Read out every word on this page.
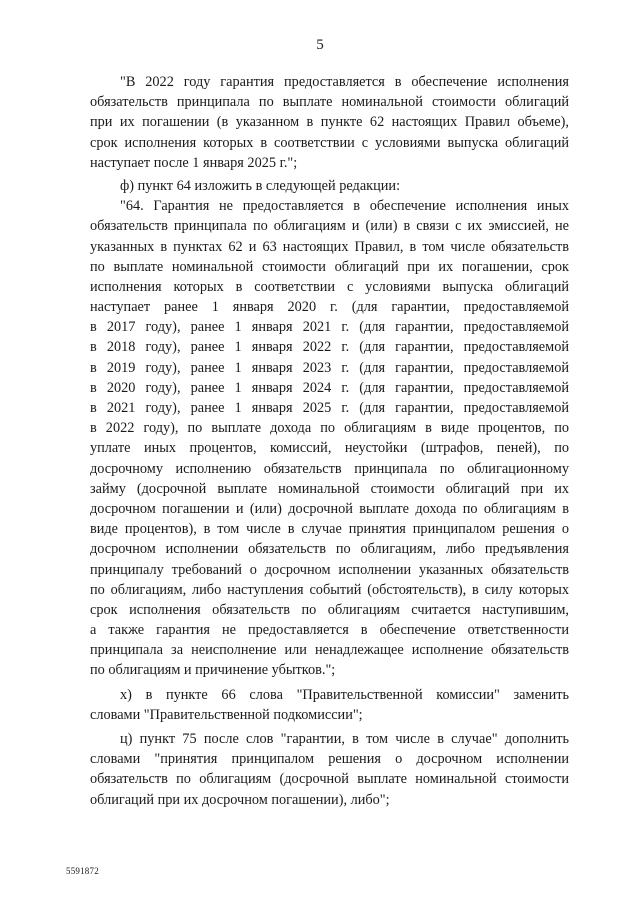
5
"В 2022 году гарантия предоставляется в обеспечение исполнения
обязательств принципала по выплате номинальной стоимости облигаций
при их погашении (в указанном в пункте 62 настоящих Правил объеме),
срок исполнения которых в соответствии с условиями выпуска облигаций
наступает после 1 января 2025 г.";
ф) пункт 64 изложить в следующей редакции:
"64. Гарантия не предоставляется в обеспечение исполнения иных
обязательств принципала по облигациям и (или) в связи с их эмиссией, не
указанных в пунктах 62 и 63 настоящих Правил, в том числе обязательств
по выплате номинальной стоимости облигаций при их погашении, срок
исполнения которых в соответствии с условиями выпуска облигаций
наступает ранее 1 января 2020 г. (для гарантии, предоставляемой
в 2017 году), ранее 1 января 2021 г. (для гарантии, предоставляемой
в 2018 году), ранее 1 января 2022 г. (для гарантии, предоставляемой
в 2019 году), ранее 1 января 2023 г. (для гарантии, предоставляемой
в 2020 году), ранее 1 января 2024 г. (для гарантии, предоставляемой
в 2021 году), ранее 1 января 2025 г. (для гарантии, предоставляемой
в 2022 году), по выплате дохода по облигациям в виде процентов, по
уплате иных процентов, комиссий, неустойки (штрафов, пеней), по
досрочному исполнению обязательств принципала по облигационному
займу (досрочной выплате номинальной стоимости облигаций при их
досрочном погашении и (или) досрочной выплате дохода по облигациям в
виде процентов), в том числе в случае принятия принципалом решения о
досрочном исполнении обязательств по облигациям, либо предъявления
принципалу требований о досрочном исполнении указанных обязательств
по облигациям, либо наступления событий (обстоятельств), в силу которых
срок исполнения обязательств по облигациям считается наступившим,
а также гарантия не предоставляется в обеспечение ответственности
принципала за неисполнение или ненадлежащее исполнение обязательств
по облигациям и причинение убытков.";
х) в пункте 66 слова "Правительственной комиссии" заменить
словами "Правительственной подкомиссии";
ц) пункт 75 после слов "гарантии, в том числе в случае" дополнить
словами "принятия принципалом решения о досрочном исполнении
обязательств по облигациям (досрочной выплате номинальной стоимости
облигаций при их досрочном погашении), либо";
5591872
